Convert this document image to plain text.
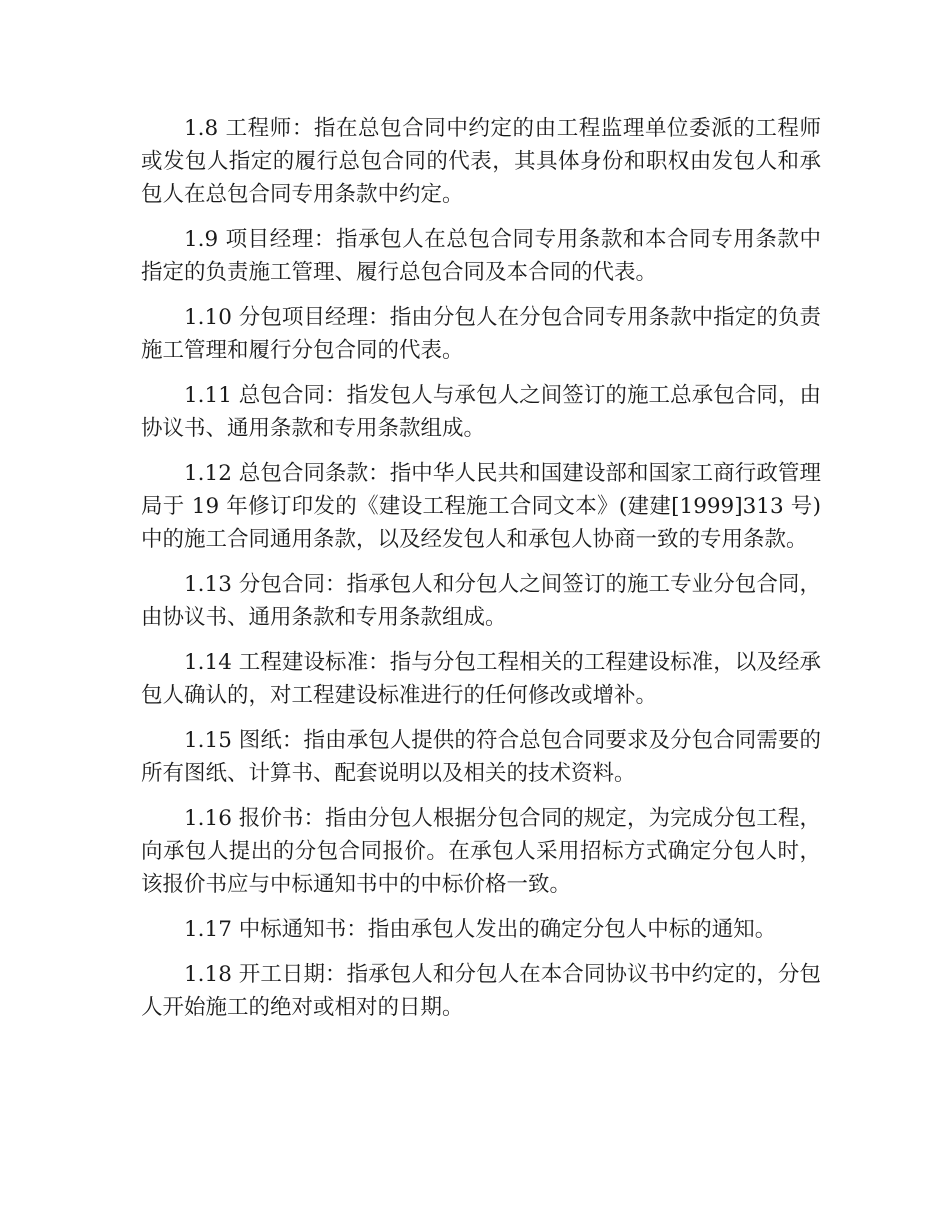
1.8 工程师：指在总包合同中约定的由工程监理单位委派的工程师或发包人指定的履行总包合同的代表，其具体身份和职权由发包人和承包人在总包合同专用条款中约定。

1.9 项目经理：指承包人在总包合同专用条款和本合同专用条款中指定的负责施工管理、履行总包合同及本合同的代表。

1.10 分包项目经理：指由分包人在分包合同专用条款中指定的负责施工管理和履行分包合同的代表。

1.11 总包合同：指发包人与承包人之间签订的施工总承包合同，由协议书、通用条款和专用条款组成。

1.12 总包合同条款：指中华人民共和国建设部和国家工商行政管理局于 19 年修订印发的《建设工程施工合同文本》(建建[1999]313 号)中的施工合同通用条款，以及经发包人和承包人协商一致的专用条款。

1.13 分包合同：指承包人和分包人之间签订的施工专业分包合同，由协议书、通用条款和专用条款组成。

1.14 工程建设标准：指与分包工程相关的工程建设标准，以及经承包人确认的，对工程建设标准进行的任何修改或增补。

1.15 图纸：指由承包人提供的符合总包合同要求及分包合同需要的所有图纸、计算书、配套说明以及相关的技术资料。

1.16 报价书：指由分包人根据分包合同的规定，为完成分包工程，向承包人提出的分包合同报价。在承包人采用招标方式确定分包人时，该报价书应与中标通知书中的中标价格一致。

1.17 中标通知书：指由承包人发出的确定分包人中标的通知。

1.18 开工日期：指承包人和分包人在本合同协议书中约定的，分包人开始施工的绝对或相对的日期。
